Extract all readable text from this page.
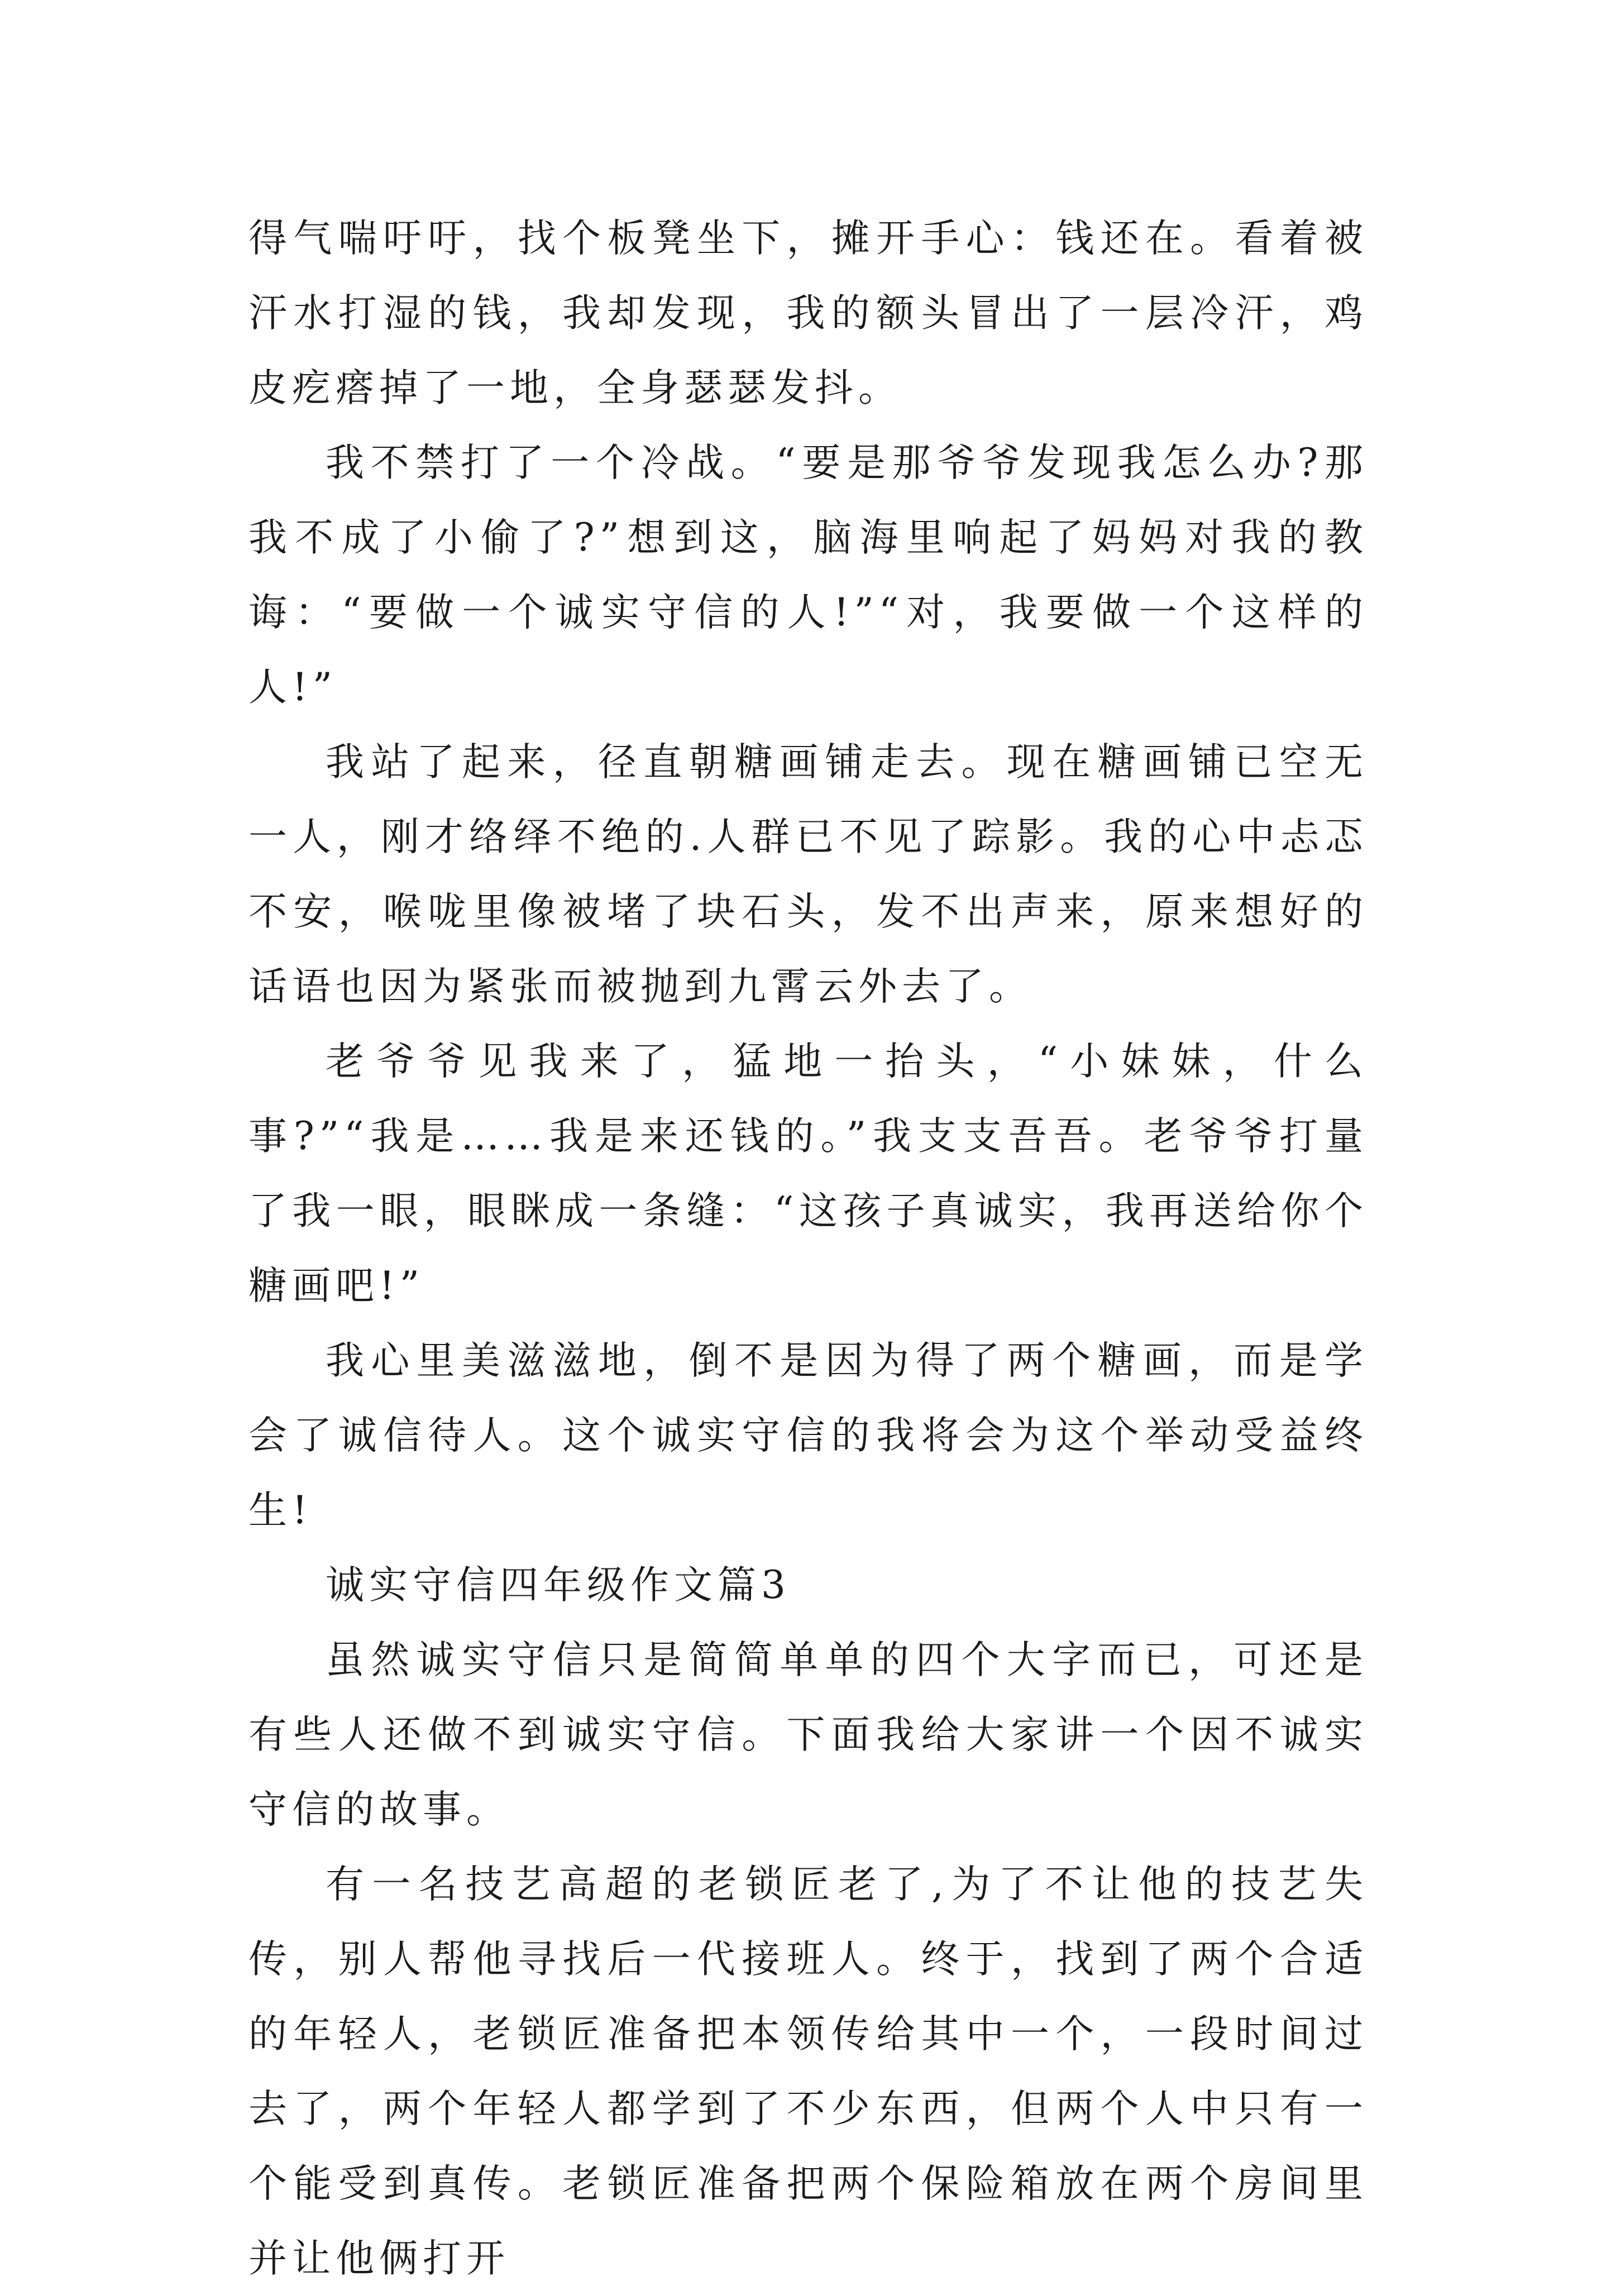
得气喘吁吁，找个板凳坐下，摊开手心：钱还在。看着被汗水打湿的钱，我却发现，我的额头冒出了一层冷汗，鸡皮疙瘩掉了一地，全身瑟瑟发抖。

我不禁打了一个冷战。“要是那爷爷发现我怎么办?那我不成了小偷了?”想到这，脑海里响起了妈妈对我的教诲：“要做一个诚实守信的人!”“对，我要做一个这样的人!”

我站了起来，径直朝糖画铺走去。现在糖画铺已空无一人，刚才络绎不绝的.人群已不见了踪影。我的心中忐忑不安，喉咙里像被堵了块石头，发不出声来，原来想好的话语也因为紧张而被抛到九霄云外去了。

老爷爷见我来了，猛地一抬头，“小妹妹，什么事?”“我是……我是来还钱的。”我支支吾吾。老爷爷打量了我一眼，眼眯成一条缝：“这孩子真诚实，我再送给你个糖画吧!”

我心里美滋滋地，倒不是因为得了两个糖画，而是学会了诚信待人。这个诚实守信的我将会为这个举动受益终生!

诚实守信四年级作文篇3

虽然诚实守信只是简简单单的四个大字而已，可还是有些人还做不到诚实守信。下面我给大家讲一个因不诚实守信的故事。

有一名技艺高超的老锁匠老了,为了不让他的技艺失传，别人帮他寻找后一代接班人。终于，找到了两个合适的年轻人，老锁匠准备把本领传给其中一个，一段时间过去了，两个年轻人都学到了不少东西，但两个人中只有一个能受到真传。老锁匠准备把两个保险箱放在两个房间里并让他俩打开
